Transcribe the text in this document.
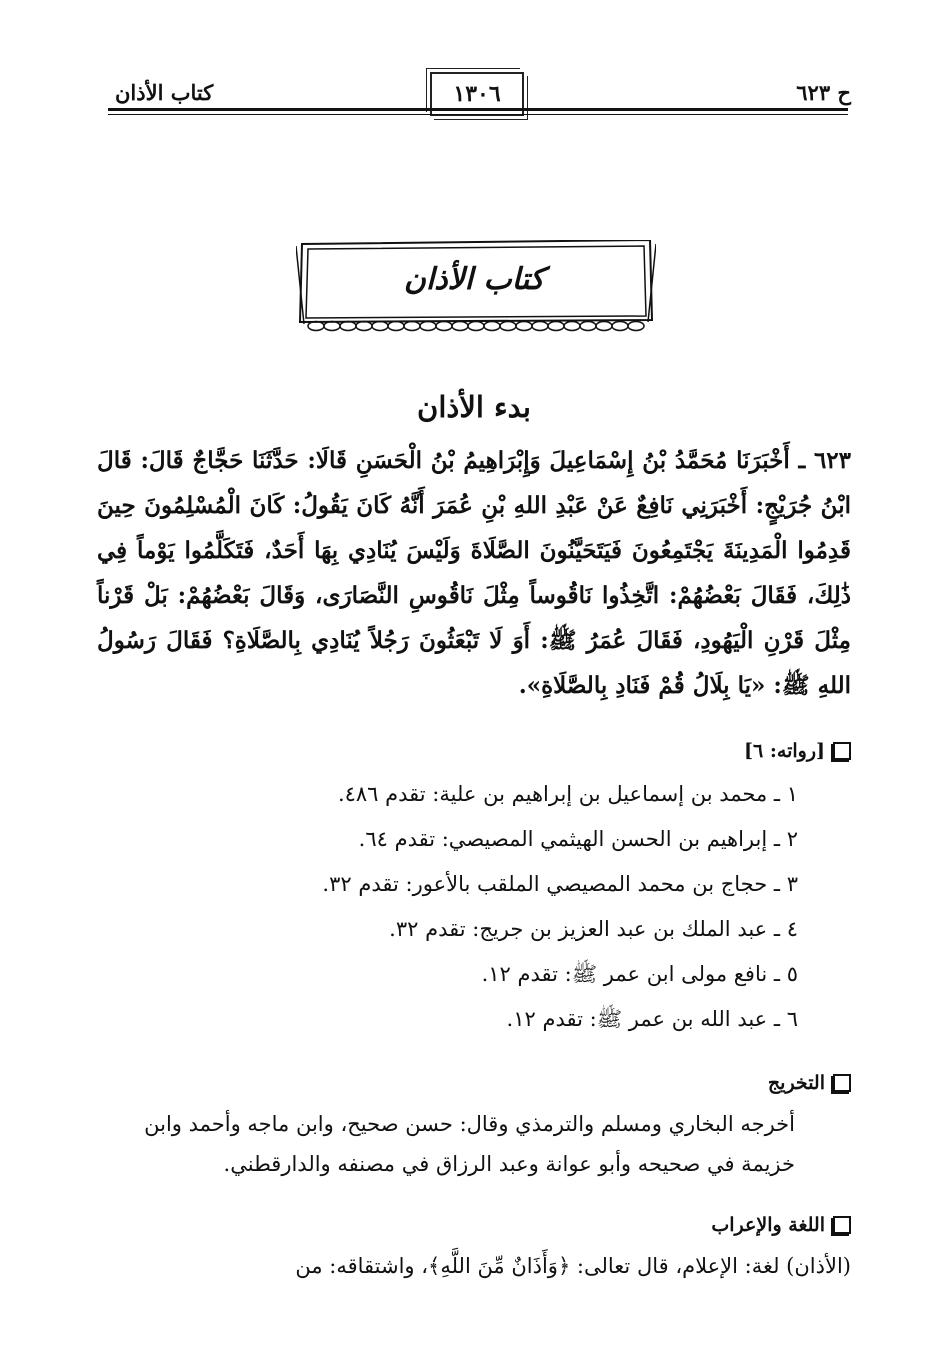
ح ٦٢٣
١٣٠٦
كتاب الأذان
كتاب الأذان
بدء الأذان

٦٢٣ ـ أَخْبَرَنَا مُحَمَّدُ بْنُ إِسْمَاعِيلَ وَإِبْرَاهِيمُ بْنُ الْحَسَنِ قَالَا: حَدَّثَنَا حَجَّاجٌ قَالَ: قَالَ ابْنُ جُرَيْجٍ: أَخْبَرَنِي نَافِعٌ عَنْ عَبْدِ اللهِ بْنِ عُمَرَ أَنَّهُ كَانَ يَقُولُ: كَانَ الْمُسْلِمُونَ حِينَ قَدِمُوا الْمَدِينَةَ يَجْتَمِعُونَ فَيَتَحَيَّنُونَ الصَّلَاةَ وَلَيْسَ يُنَادِي بِهَا أَحَدٌ، فَتَكَلَّمُوا يَوْماً فِي ذَٰلِكَ، فَقَالَ بَعْضُهُمْ: اتَّخِذُوا نَاقُوساً مِثْلَ نَاقُوسِ النَّصَارَى، وَقَالَ بَعْضُهُمْ: بَلْ قَرْناً مِثْلَ قَرْنِ الْيَهُودِ، فَقَالَ عُمَرُ ﷺ: أَوَ لَا تَبْعَثُونَ رَجُلاً يُنَادِي بِالصَّلَاةِ؟ فَقَالَ رَسُولُ اللهِ ﷺ: «يَا بِلَالُ قُمْ فَنَادِ بِالصَّلَاةِ».

[رواته: ٦]
١ ـ محمد بن إسماعيل بن إبراهيم بن علية: تقدم ٤٨٦.
٢ ـ إبراهيم بن الحسن الهيثمي المصيصي: تقدم ٦٤.
٣ ـ حجاج بن محمد المصيصي الملقب بالأعور: تقدم ٣٢.
٤ ـ عبد الملك بن عبد العزيز بن جريج: تقدم ٣٢.
٥ ـ نافع مولى ابن عمر ﷺ: تقدم ١٢.
٦ ـ عبد الله بن عمر ﷺ: تقدم ١٢.
التخريج

أخرجه البخاري ومسلم والترمذي وقال: حسن صحيح، وابن ماجه وأحمد وابن خزيمة في صحيحه وأبو عوانة وعبد الرزاق في مصنفه والدارقطني.

اللغة والإعراب

(الأذان) لغة: الإعلام، قال تعالى: ﴿وَأَذَانٌ مِّنَ اللَّهِ﴾، واشتقاقه: من
